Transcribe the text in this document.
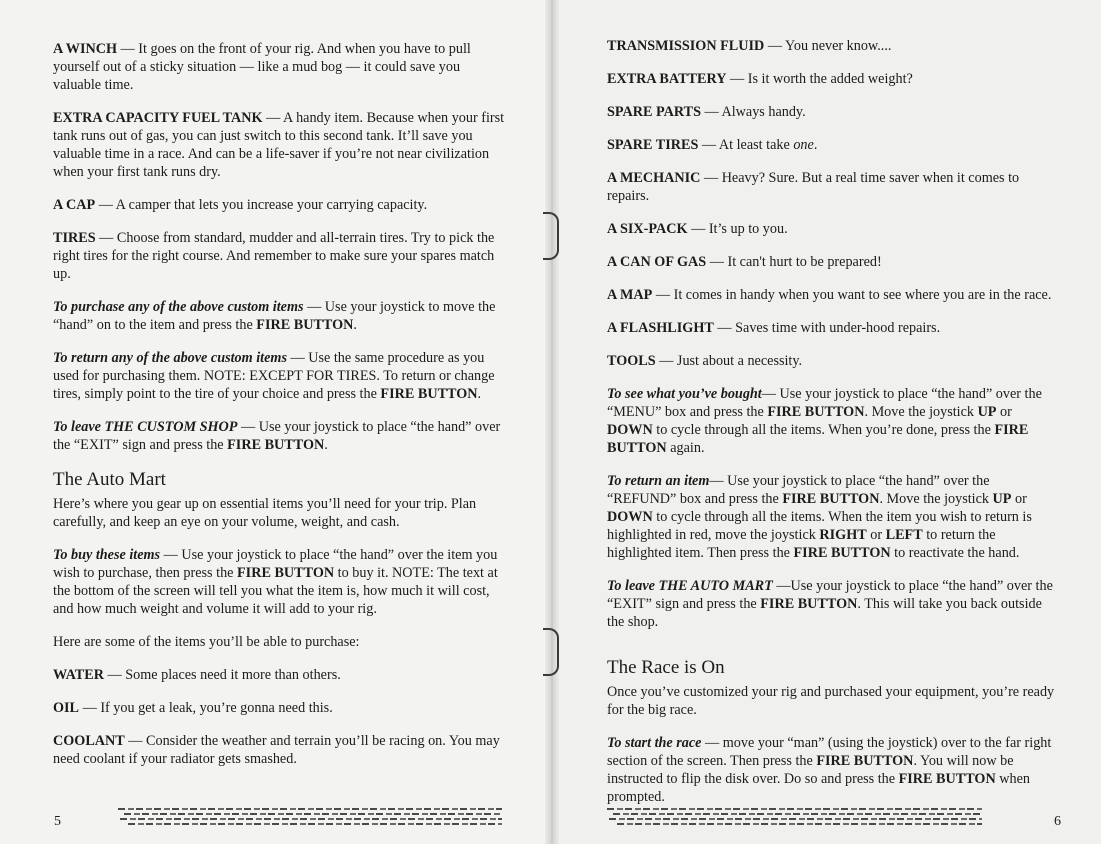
A WINCH — It goes on the front of your rig. And when you have to pull yourself out of a sticky situation — like a mud bog — it could save you valuable time.

EXTRA CAPACITY FUEL TANK — A handy item. Because when your first tank runs out of gas, you can just switch to this second tank. It’ll save you valuable time in a race. And can be a life-saver if you’re not near civilization when your first tank runs dry.

A CAP — A camper that lets you increase your carrying capacity.

TIRES — Choose from standard, mudder and all-terrain tires. Try to pick the right tires for the right course. And remember to make sure your spares match up.

To purchase any of the above custom items — Use your joystick to move the “hand” on to the item and press the FIRE BUTTON.

To return any of the above custom items — Use the same procedure as you used for purchasing them. NOTE: EXCEPT FOR TIRES. To return or change tires, simply point to the tire of your choice and press the FIRE BUTTON.

To leave THE CUSTOM SHOP — Use your joystick to place “the hand” over the “EXIT” sign and press the FIRE BUTTON.

The Auto Mart

Here’s where you gear up on essential items you’ll need for your trip. Plan carefully, and keep an eye on your volume, weight, and cash.

To buy these items — Use your joystick to place “the hand” over the item you wish to purchase, then press the FIRE BUTTON to buy it. NOTE: The text at the bottom of the screen will tell you what the item is, how much it will cost, and how much weight and volume it will add to your rig.

Here are some of the items you’ll be able to purchase:

WATER — Some places need it more than others.

OIL — If you get a leak, you’re gonna need this.

COOLANT — Consider the weather and terrain you’ll be racing on. You may need coolant if your radiator gets smashed.

5

TRANSMISSION FLUID — You never know....

EXTRA BATTERY — Is it worth the added weight?

SPARE PARTS — Always handy.

SPARE TIRES — At least take one.

A MECHANIC — Heavy? Sure. But a real time saver when it comes to repairs.

A SIX-PACK — It’s up to you.

A CAN OF GAS — It can't hurt to be prepared!

A MAP — It comes in handy when you want to see where you are in the race.

A FLASHLIGHT — Saves time with under-hood repairs.

TOOLS — Just about a necessity.

To see what you’ve bought— Use your joystick to place “the hand” over the “MENU” box and press the FIRE BUTTON. Move the joystick UP or DOWN to cycle through all the items. When you’re done, press the FIRE BUTTON again.

To return an item— Use your joystick to place “the hand” over the “REFUND” box and press the FIRE BUTTON. Move the joystick UP or DOWN to cycle through all the items. When the item you wish to return is highlighted in red, move the joystick RIGHT or LEFT to return the highlighted item. Then press the FIRE BUTTON to reactivate the hand.

To leave THE AUTO MART —Use your joystick to place “the hand” over the “EXIT” sign and press the FIRE BUTTON. This will take you back outside the shop.

The Race is On

Once you’ve customized your rig and purchased your equipment, you’re ready for the big race.

To start the race — move your “man” (using the joystick) over to the far right section of the screen. Then press the FIRE BUTTON. You will now be instructed to flip the disk over. Do so and press the FIRE BUTTON when prompted.

6
